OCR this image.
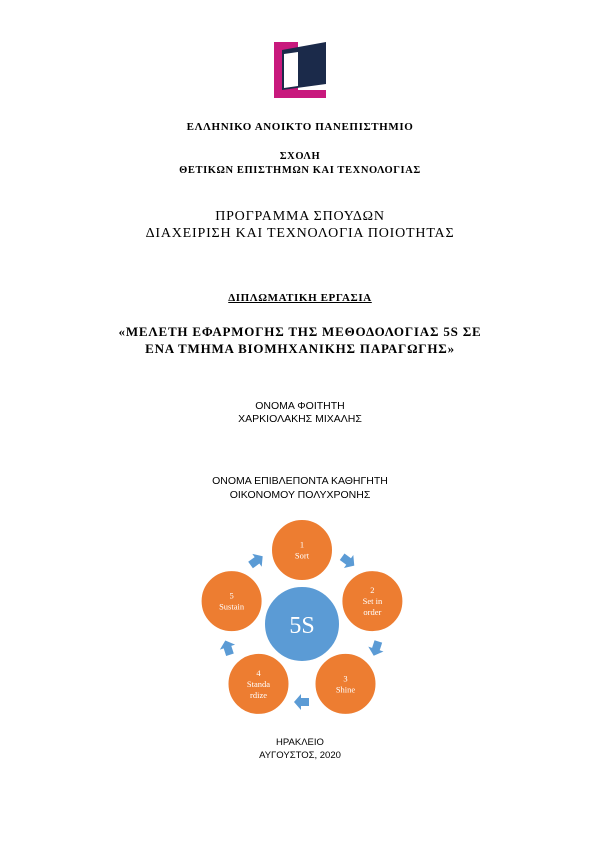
ΕΛΛΗΝΙΚΟ ΑΝΟΙΚΤΟ ΠΑΝΕΠΙΣΤΗΜΙΟ
ΣΧΟΛΗ
ΘΕΤΙΚΩΝ ΕΠΙΣΤΗΜΩΝ ΚΑΙ ΤΕΧΝΟΛΟΓΙΑΣ
ΠΡΟΓΡΑΜΜΑ ΣΠΟΥΔΩΝ
ΔΙΑΧΕΙΡΙΣΗ ΚΑΙ ΤΕΧΝΟΛΟΓΙΑ ΠΟΙΟΤΗΤΑΣ
ΔΙΠΛΩΜΑΤΙΚΗ ΕΡΓΑΣΙΑ
«ΜΕΛΕΤΗ ΕΦΑΡΜΟΓΗΣ ΤΗΣ ΜΕΘΟΔΟΛΟΓΙΑΣ 5S ΣΕ
ΕΝΑ ΤΜΗΜΑ ΒΙΟΜΗΧΑΝΙΚΗΣ ΠΑΡΑΓΩΓΗΣ»
ΟΝΟΜΑ ΦΟΙΤΗΤΗ
ΧΑΡΚΙΟΛΑΚΗΣ ΜΙΧΑΛΗΣ
ΟΝΟΜΑ ΕΠΙΒΛΕΠΟΝΤΑ ΚΑΘΗΓΗΤΗ
ΟΙΚΟΝΟΜΟΥ ΠΟΛΥΧΡΟΝΗΣ
5S
1
Sort
2
Set in
order
3
Shine
4
Standa
rdize
5
Sustain
ΗΡΑΚΛΕΙΟ
ΑΥΓΟΥΣΤΟΣ, 2020
